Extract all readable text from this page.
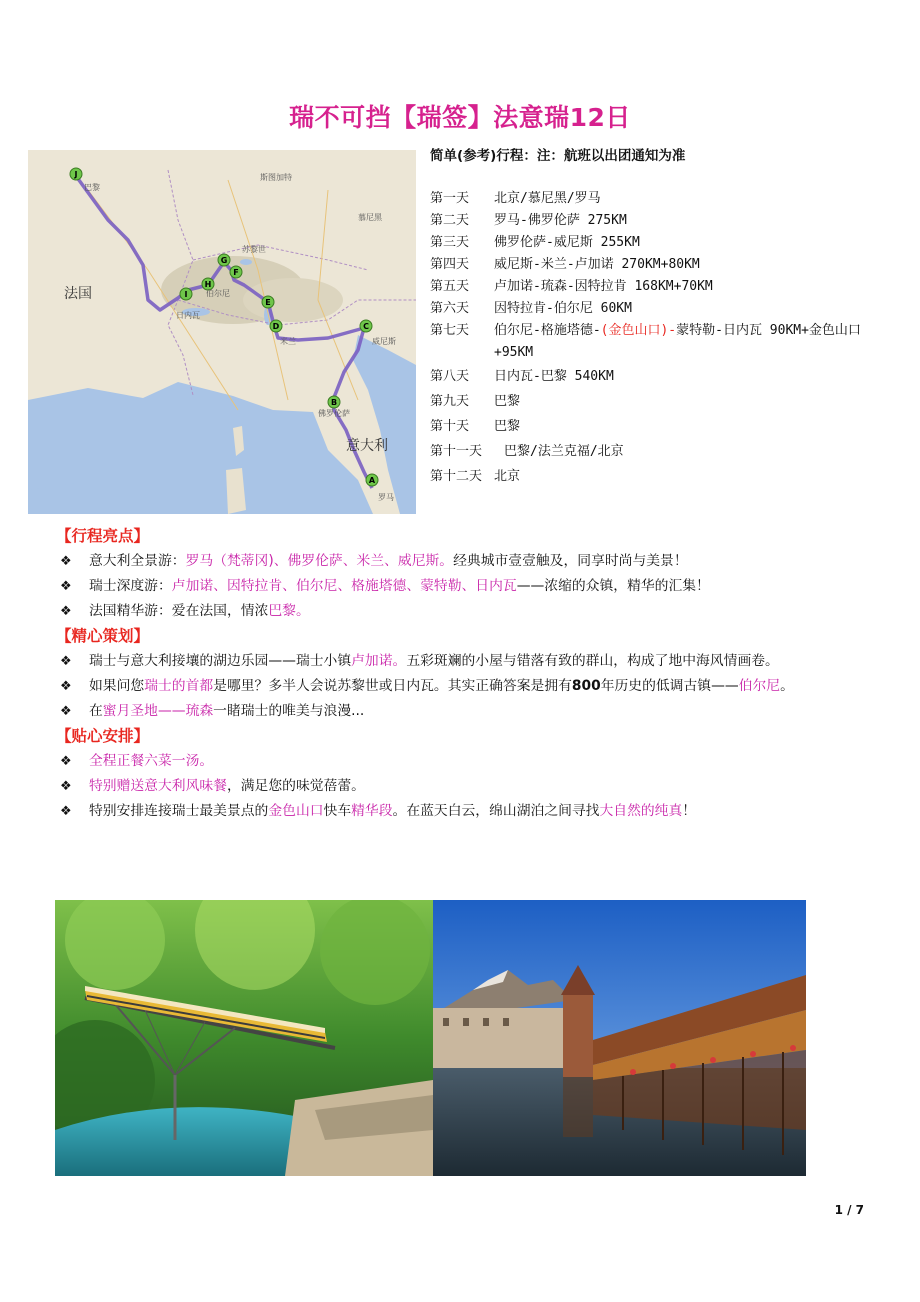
瑞不可挡【瑞签】法意瑞12日
A
B
C
D
E
F
G
H
I
J
法国
意大利
巴黎
日内瓦
伯尔尼
苏黎世
米兰	威尼斯
佛罗伦萨
罗马
慕尼黑
斯图加特
简单(参考)行程：注：航班以出团通知为准
第一天 北京/慕尼黑/罗马
第二天 罗马-佛罗伦萨 275KM
第三天 佛罗伦萨-威尼斯 255KM
第四天 威尼斯-米兰-卢加诺 270KM+80KM
第五天 卢加诺-琉森-因特拉肯 168KM+70KM
第六天 因特拉肯-伯尔尼 60KM
第七天 伯尔尼-格施塔德-(金色山口)-蒙特勒-日内瓦 90KM+金色山口+95KM
第八天 日内瓦-巴黎 540KM
第九天 巴黎
第十天 巴黎
第十一天 巴黎/法兰克福/北京
第十二天 北京
【行程亮点】
❖ 意大利全景游：罗马（梵蒂冈)、佛罗伦萨、米兰、威尼斯。经典城市壹壹触及，同享时尚与美景！
❖ 瑞士深度游：卢加诺、因特拉肯、伯尔尼、格施塔德、蒙特勒、日内瓦——浓缩的众镇，精华的汇集！
❖ 法国精华游：爱在法国，情浓巴黎。
【精心策划】
❖ 瑞士与意大利接壤的湖边乐园——瑞士小镇卢加诺。五彩斑斓的小屋与错落有致的群山，构成了地中海风情画卷。
❖ 如果问您瑞士的首都是哪里？多半人会说苏黎世或日内瓦。其实正确答案是拥有800年历史的低调古镇——伯尔尼。
❖ 在蜜月圣地——琉森一睹瑞士的唯美与浪漫...
【贴心安排】
❖ 全程正餐六菜一汤。
❖ 特别赠送意大利风味餐，满足您的味觉蓓蕾。
❖ 特别安排连接瑞士最美景点的金色山口快车精华段。在蓝天白云，绵山湖泊之间寻找大自然的纯真！
1 / 7
